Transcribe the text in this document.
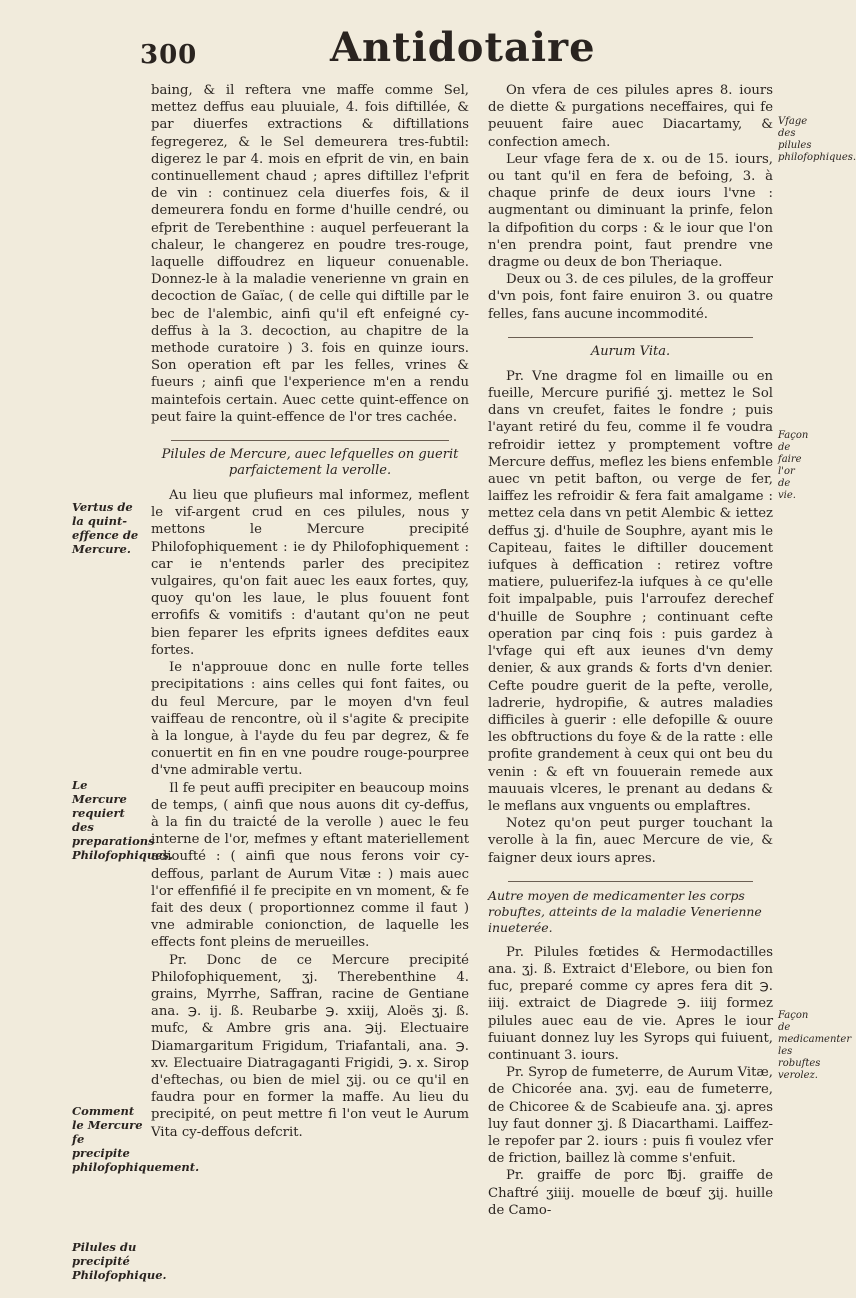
300	Antidotaire
Vertus de la quint-effence de Mercure.
Le Mercure requiert des preparations Philofophiques.
Comment le Mercure fe precipite philofophiquement.
Pilules du precipité Philofophique.

baing, & il reftera vne maffe comme Sel, mettez deffus eau pluuiale, 4. fois diftillée, & par diuerfes extractions & diftillations fegregerez, & le Sel demeurera tres-fubtil: digerez le par 4. mois en efprit de vin, en bain continuellement chaud ; apres diftillez l'efprit de vin : continuez cela diuerfes fois, & il demeurera fondu en forme d'huille cendré, ou efprit de Terebenthine : auquel perfeuerant la chaleur, le changerez en poudre tres-rouge, laquelle diffoudrez en liqueur conuenable. Donnez-le à la maladie venerienne vn grain en decoction de Gaïac, ( de celle qui diftille par le bec de l'alembic, ainfi qu'il eft enfeigné cy-deffus à la 3. decoction, au chapitre de la methode curatoire ) 3. fois en quinze iours. Son operation eft par les felles, vrines & fueurs ; ainfi que l'experience m'en a rendu maintefois certain. Auec cette quint-effence on peut faire la quint-effence de l'or tres cachée.

Pilules de Mercure, auec lefquelles on guerit parfaictement la verolle.

Au lieu que plufieurs mal informez, meflent le vif-argent crud en ces pilules, nous y mettons le Mercure precipité Philofophiquement : ie dy Philofophiquement : car ie n'entends parler des precipitez vulgaires, qu'on fait auec les eaux fortes, quy, quoy qu'on les laue, le plus fouuent font errofifs & vomitifs : d'autant qu'on ne peut bien feparer les efprits ignees defdites eaux fortes.

Ie n'approuue donc en nulle forte telles precipitations : ains celles qui font faites, ou du feul Mercure, par le moyen d'vn feul vaiffeau de rencontre, où il s'agite & precipite à la longue, à l'ayde du feu par degrez, & fe conuertit en fin en vne poudre rouge-pourpree d'vne admirable vertu.

Il fe peut auffi precipiter en beaucoup moins de temps, ( ainfi que nous auons dit cy-deffus, à la fin du traicté de la verolle ) auec le feu interne de l'or, mefmes y eftant materiellement adioufté : ( ainfi que nous ferons voir cy-deffous, parlant de Aurum Vitæ : ) mais auec l'or effenfifié il fe precipite en vn moment, & fe fait des deux ( proportionnez comme il faut ) vne admirable conionction, de laquelle les effects font pleins de merueilles.

Pr. Donc de ce Mercure precipité Philofophiquement, ʒj. Therebenthine 4. grains, Myrrhe, Saffran, racine de Gentiane ana. ℈. ij. ß. Reubarbe ℈. xxiij, Aloës ʒj. ß. mufc, & Ambre gris ana. ℈ij. Electuaire Diamargaritum Frigidum, Triafantali, ana. ℈. xv. Electuaire Diatragaganti Frigidi, ℈. x. Sirop d'eftechas, ou bien de miel ʒij. ou ce qu'il en faudra pour en former la maffe. Au lieu du precipité, on peut mettre fi l'on veut le Aurum Vita cy-deffous defcrit.

On vfera de ces pilules apres 8. iours de diette & purgations neceffaires, qui fe peuuent faire auec Diacartamy, & confection amech.

Leur vfage fera de x. ou de 15. iours, ou tant qu'il en fera de befoing, 3. à chaque prinfe de deux iours l'vne : augmentant ou diminuant la prinfe, felon la difpofition du corps : & le iour que l'on n'en prendra point, faut prendre vne dragme ou deux de bon Theriaque.

Deux ou 3. de ces pilules, de la groffeur d'vn pois, font faire enuiron 3. ou quatre felles, fans aucune incommodité.

Aurum Vita.

Pr. Vne dragme fol en limaille ou en fueille, Mercure purifié ʒj. mettez le Sol dans vn creufet, faites le fondre ; puis l'ayant retiré du feu, comme il fe voudra refroidir iettez y promptement voftre Mercure deffus, meflez les biens enfemble auec vn petit bafton, ou verge de fer, laiffez les refroidir & fera fait amalgame : mettez cela dans vn petit Alembic & iettez deffus ʒj. d'huile de Souphre, ayant mis le Capiteau, faites le diftiller doucement iufques à deffication : retirez voftre matiere, puluerifez-la iufques à ce qu'elle foit impalpable, puis l'arroufez derechef d'huille de Souphre ; continuant cefte operation par cinq fois : puis gardez à l'vfage qui eft aux ieunes d'vn demy denier, & aux grands & forts d'vn denier. Cefte poudre guerit de la pefte, verolle, ladrerie, hydropifie, & autres maladies difficiles à guerir : elle defopille & ouure les obftructions du foye & de la ratte : elle profite grandement à ceux qui ont beu du venin : & eft vn fouuerain remede aux mauuais vlceres, le prenant au dedans & le meflans aux vnguents ou emplaftres.

Notez qu'on peut purger touchant la verolle à la fin, auec Mercure de vie, & faigner deux iours apres.

Autre moyen de medicamenter les corps robuftes, atteints de la maladie Venerienne inueterée.

Pr. Pilules fœtides & Hermodactilles ana. ʒj. ß. Extraict d'Elebore, ou bien fon fuc, preparé comme cy apres fera dit ℈. iiij. extraict de Diagrede ℈. iiij formez pilules auec eau de vie. Apres le iour fuiuant donnez luy les Syrops qui fuiuent, continuant 3. iours.

Pr. Syrop de fumeterre, de Aurum Vitæ, de Chicorée ana. ʒvj. eau de fumeterre, de Chicoree & de Scabieufe ana. ʒj. apres luy faut donner ʒj. ß Diacarthami. Laiffez-le repofer par 2. iours : puis fi voulez vfer de friction, baillez là comme s'enfuit.

Pr. graiffe de porc ℔j. graiffe de Chaftré ʒiiij. mouelle de bœuf ʒij. huille de Camo-

Vfage des pilules philofophiques.
Façon de faire l'or de vie.
Façon de medicamenter les robuftes verolez.
